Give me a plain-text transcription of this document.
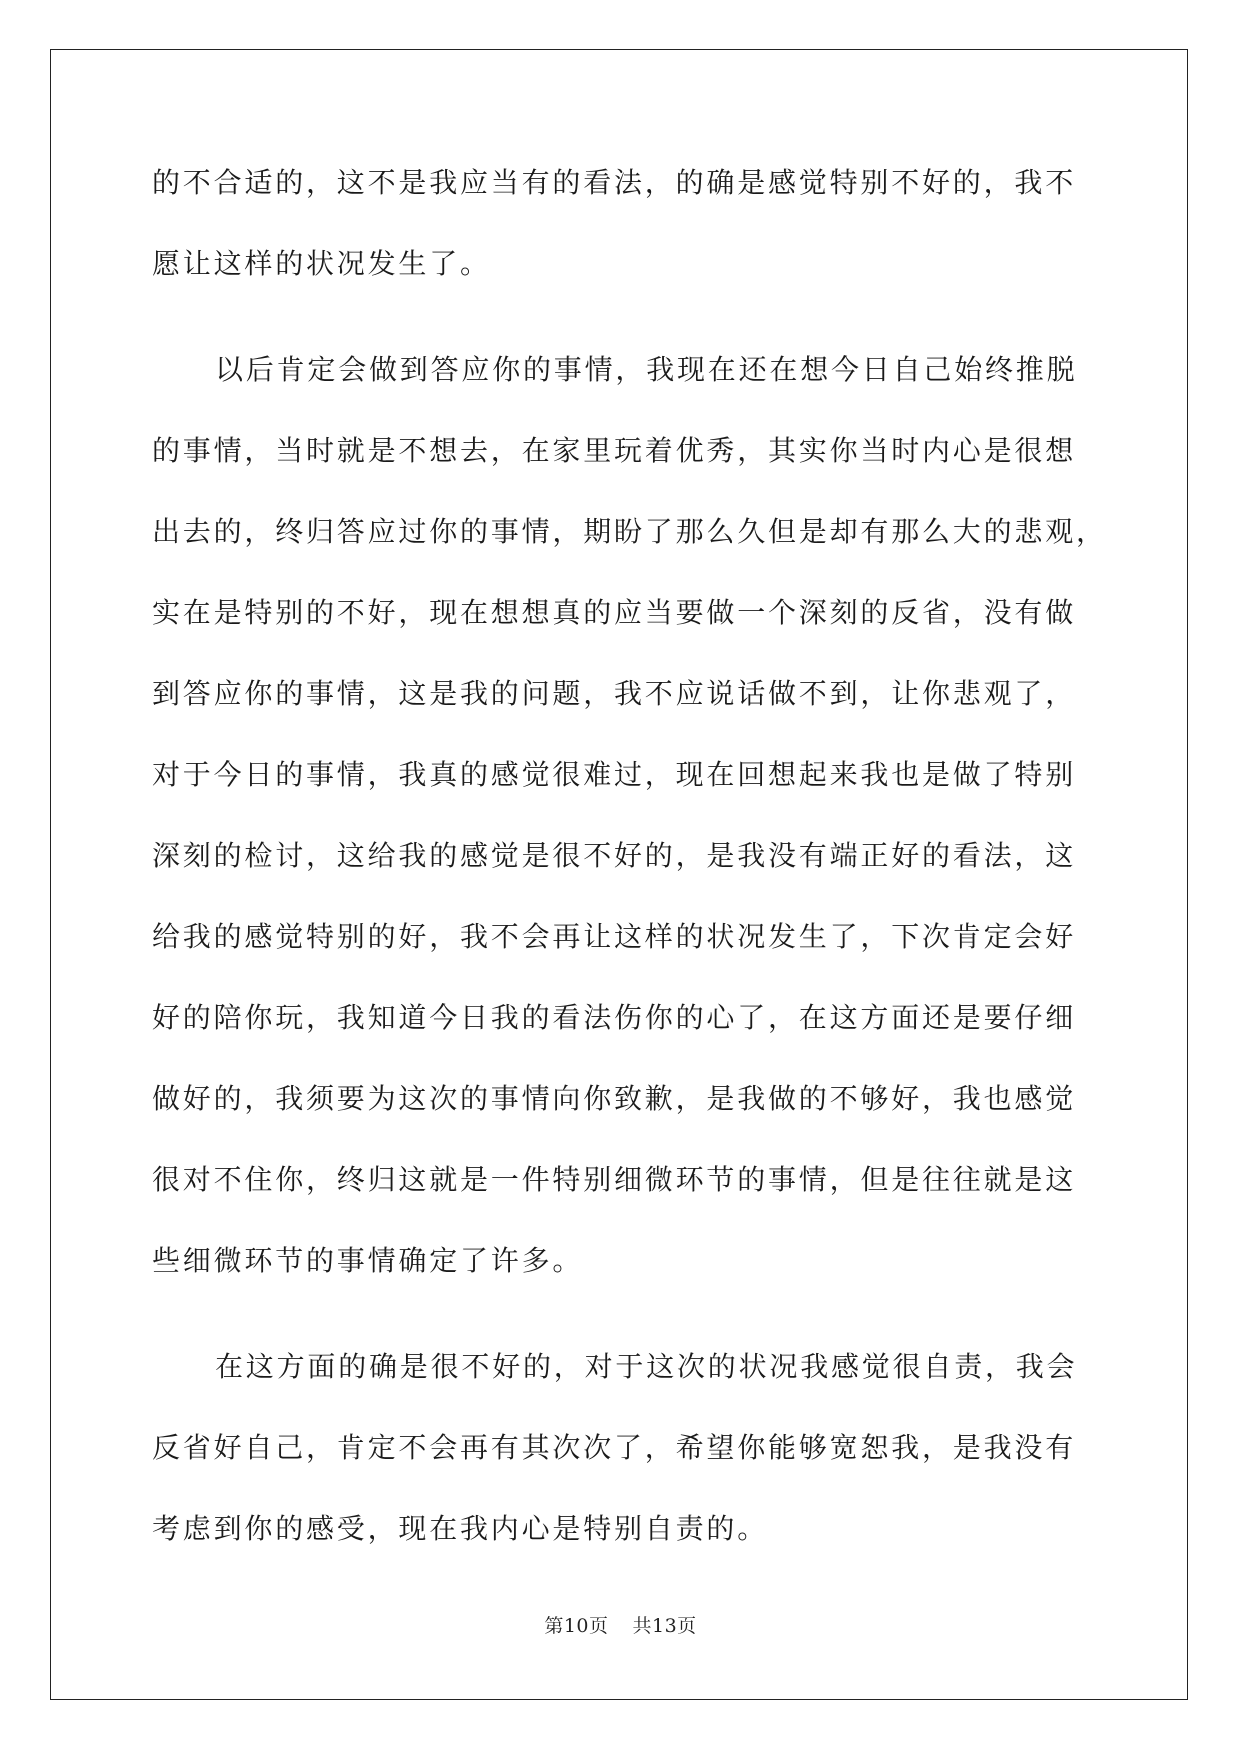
的不合适的，这不是我应当有的看法，的确是感觉特别不好的，我不
愿让这样的状况发生了。
以后肯定会做到答应你的事情，我现在还在想今日自己始终推脱
的事情，当时就是不想去，在家里玩着优秀，其实你当时内心是很想
出去的，终归答应过你的事情，期盼了那么久但是却有那么大的悲观，
实在是特别的不好，现在想想真的应当要做一个深刻的反省，没有做
到答应你的事情，这是我的问题，我不应说话做不到，让你悲观了，
对于今日的事情，我真的感觉很难过，现在回想起来我也是做了特别
深刻的检讨，这给我的感觉是很不好的，是我没有端正好的看法，这
给我的感觉特别的好，我不会再让这样的状况发生了，下次肯定会好
好的陪你玩，我知道今日我的看法伤你的心了，在这方面还是要仔细
做好的，我须要为这次的事情向你致歉，是我做的不够好，我也感觉
很对不住你，终归这就是一件特别细微环节的事情，但是往往就是这
些细微环节的事情确定了许多。
在这方面的确是很不好的，对于这次的状况我感觉很自责，我会
反省好自己，肯定不会再有其次次了，希望你能够宽恕我，是我没有
考虑到你的感受，现在我内心是特别自责的。
第10页 共13页
